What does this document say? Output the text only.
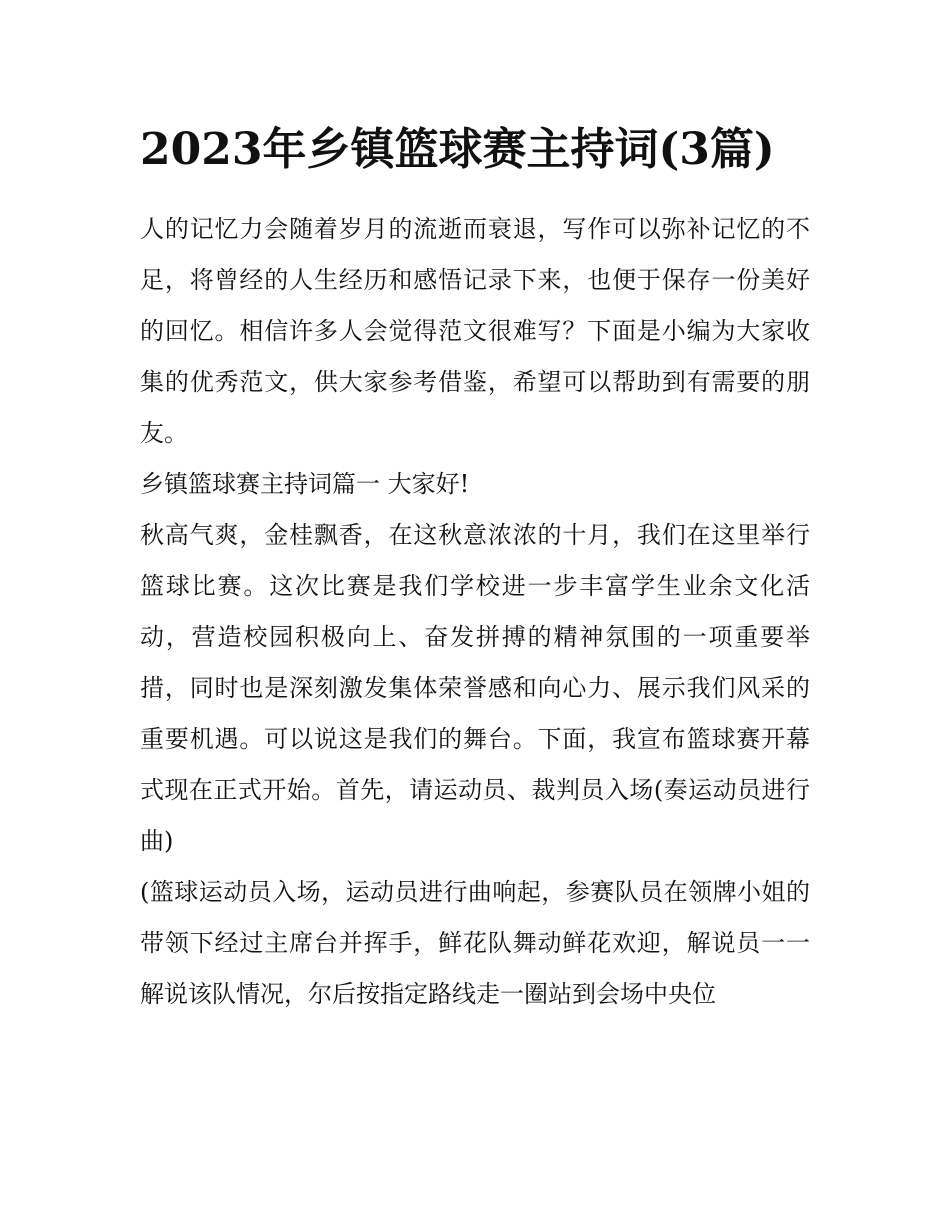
2023年乡镇篮球赛主持词(3篇)

人的记忆力会随着岁月的流逝而衰退，写作可以弥补记忆的不足，将曾经的人生经历和感悟记录下来，也便于保存一份美好的回忆。相信许多人会觉得范文很难写？下面是小编为大家收集的优秀范文，供大家参考借鉴，希望可以帮助到有需要的朋友。

乡镇篮球赛主持词篇一 大家好!

秋高气爽，金桂飘香，在这秋意浓浓的十月，我们在这里举行篮球比赛。这次比赛是我们学校进一步丰富学生业余文化活动，营造校园积极向上、奋发拼搏的精神氛围的一项重要举措，同时也是深刻激发集体荣誉感和向心力、展示我们风采的重要机遇。可以说这是我们的舞台。下面，我宣布篮球赛开幕式现在正式开始。首先，请运动员、裁判员入场(奏运动员进行曲)

(篮球运动员入场，运动员进行曲响起，参赛队员在领牌小姐的带领下经过主席台并挥手，鲜花队舞动鲜花欢迎，解说员一一解说该队情况，尔后按指定路线走一圈站到会场中央位
